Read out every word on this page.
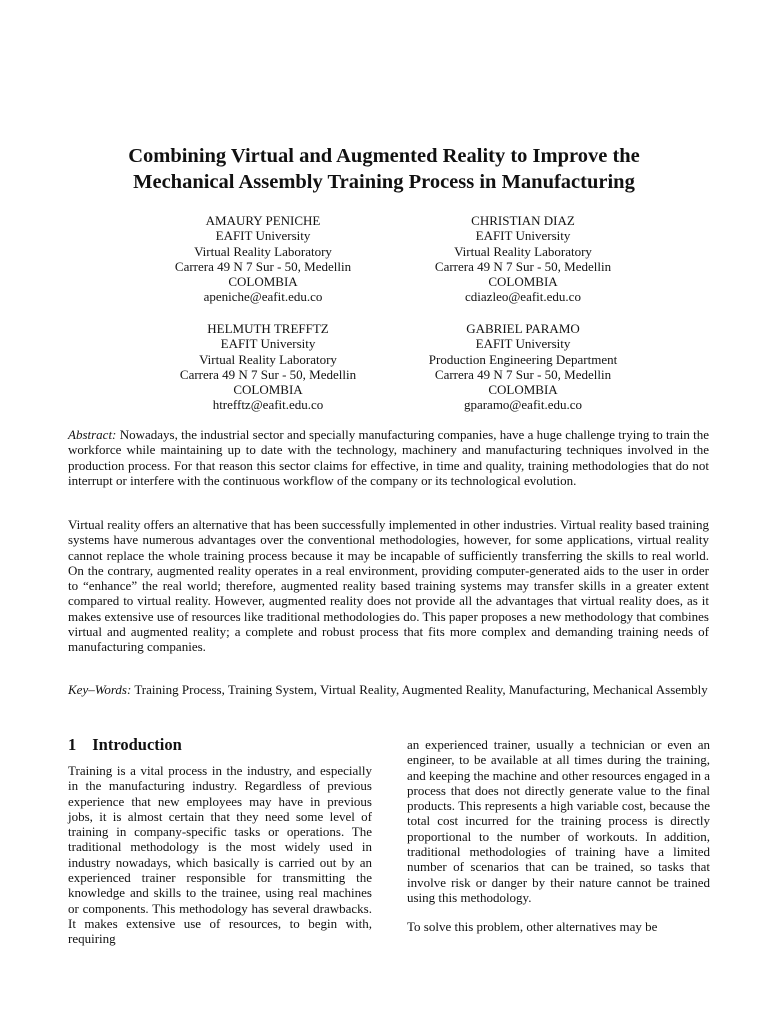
Combining Virtual and Augmented Reality to Improve the
Mechanical Assembly Training Process in Manufacturing
AMAURY PENICHE
EAFIT University
Virtual Reality Laboratory
Carrera 49 N 7 Sur - 50, Medellin
COLOMBIA
apeniche@eafit.edu.co
CHRISTIAN DIAZ
EAFIT University
Virtual Reality Laboratory
Carrera 49 N 7 Sur - 50, Medellin
COLOMBIA
cdiazleo@eafit.edu.co
HELMUTH TREFFTZ
EAFIT University
Virtual Reality Laboratory
Carrera 49 N 7 Sur - 50, Medellin
COLOMBIA
htrefftz@eafit.edu.co
GABRIEL PARAMO
EAFIT University
Production Engineering Department
Carrera 49 N 7 Sur - 50, Medellin
COLOMBIA
gparamo@eafit.edu.co

Abstract: Nowadays, the industrial sector and specially manufacturing companies, have a huge challenge trying to train the workforce while maintaining up to date with the technology, machinery and manufacturing techniques involved in the production process. For that reason this sector claims for effective, in time and quality, training methodologies that do not interrupt or interfere with the continuous workflow of the company or its technological evolution.

Virtual reality offers an alternative that has been successfully implemented in other industries. Virtual reality based training systems have numerous advantages over the conventional methodologies, however, for some applications, virtual reality cannot replace the whole training process because it may be incapable of sufficiently transferring the skills to real world. On the contrary, augmented reality operates in a real environment, providing computer-generated aids to the user in order to “enhance” the real world; therefore, augmented reality based training systems may transfer skills in a greater extent compared to virtual reality. However, augmented reality does not provide all the advantages that virtual reality does, as it makes extensive use of resources like traditional methodologies do. This paper proposes a new methodology that combines virtual and augmented reality; a complete and robust process that fits more complex and demanding training needs of manufacturing companies.

Key–Words: Training Process, Training System, Virtual Reality, Augmented Reality, Manufacturing, Mechanical Assembly

1 Introduction

Training is a vital process in the industry, and especially in the manufacturing industry. Regardless of previous experience that new employees may have in previous jobs, it is almost certain that they need some level of training in company-specific tasks or operations. The traditional methodology is the most widely used in industry nowadays, which basically is carried out by an experienced trainer responsible for transmitting the knowledge and skills to the trainee, using real machines or components. This methodology has several drawbacks. It makes extensive use of resources, to begin with, requiring

an experienced trainer, usually a technician or even an engineer, to be available at all times during the training, and keeping the machine and other resources engaged in a process that does not directly generate value to the final products. This represents a high variable cost, because the total cost incurred for the training process is directly proportional to the number of workouts. In addition, traditional methodologies of training have a limited number of scenarios that can be trained, so tasks that involve risk or danger by their nature cannot be trained using this methodology.

To solve this problem, other alternatives may be
